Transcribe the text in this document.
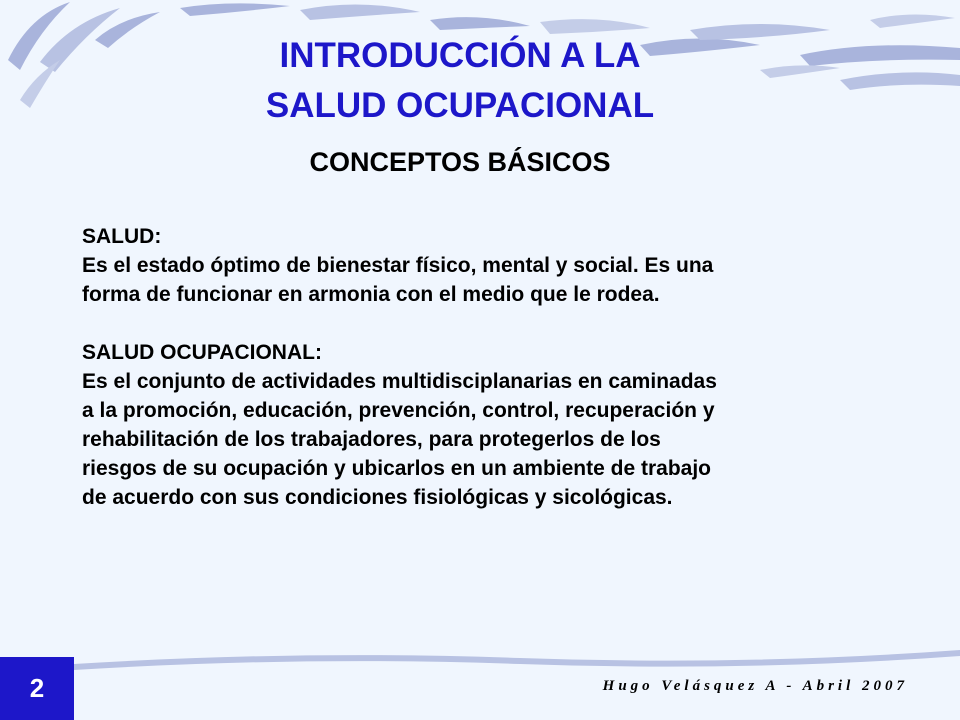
INTRODUCCIÓN A LA
SALUD OCUPACIONAL
CONCEPTOS BÁSICOS

SALUD:

Es el estado óptimo de bienestar físico, mental y social. Es una

forma de funcionar en armonia con el medio que le rodea.

SALUD OCUPACIONAL:

Es el conjunto de actividades multidisciplanarias en caminadas

a la promoción, educación, prevención, control, recuperación y

rehabilitación de los trabajadores, para protegerlos de los

riesgos de su ocupación y ubicarlos en un ambiente de trabajo

de acuerdo con sus condiciones fisiológicas y sicológicas.

2	Hugo Velásquez A - Abril 2007
